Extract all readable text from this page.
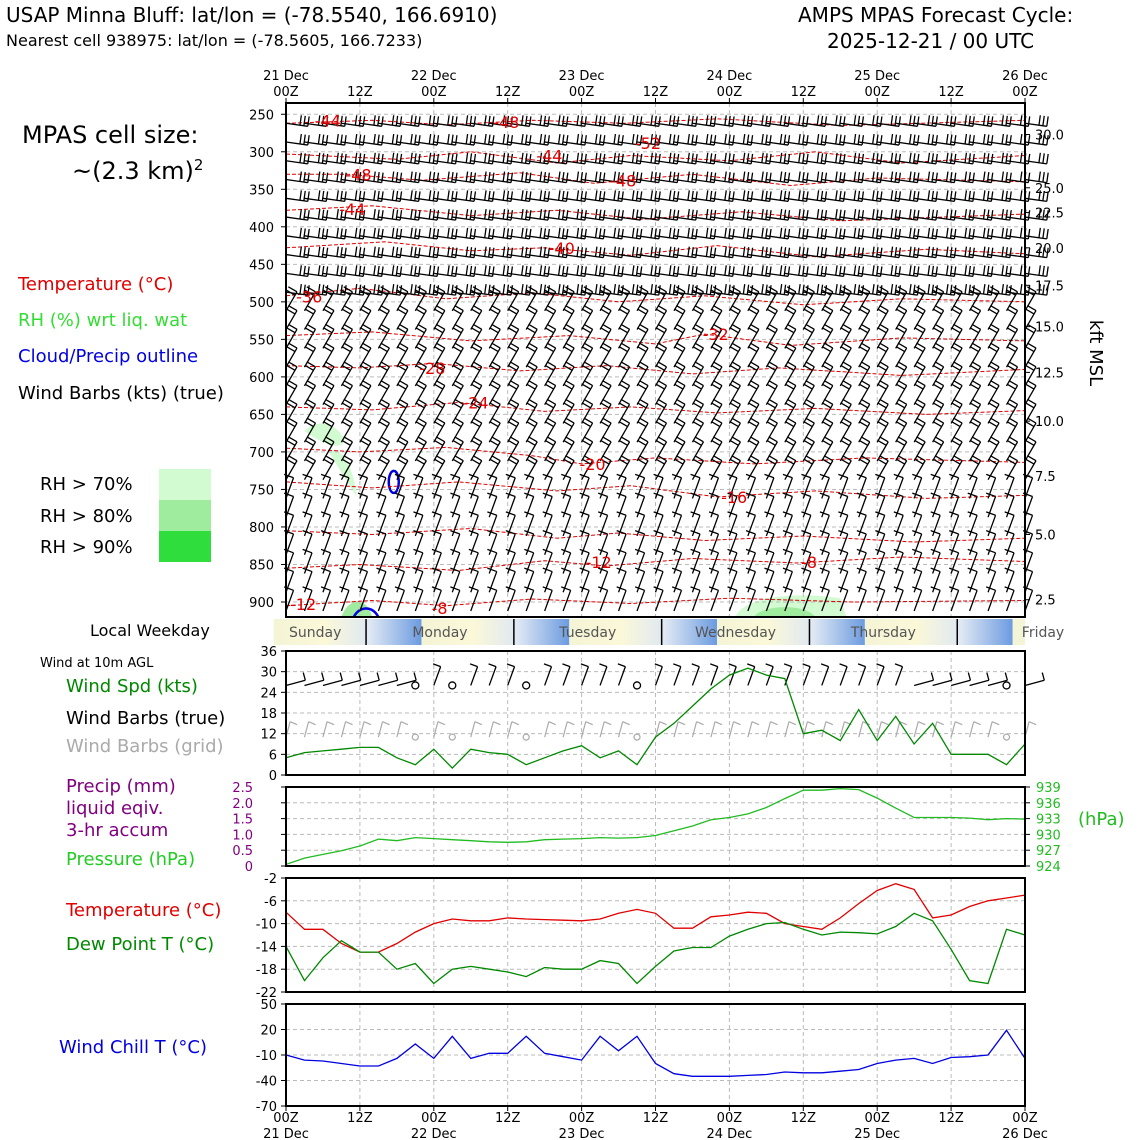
USAP Minna Bluff: lat/lon = (-78.5540, 166.6910)
Nearest cell 938975: lat/lon = (-78.5605, 166.7233)
AMPS MPAS Forecast Cycle:
2025-12-21 / 00 UTC
MPAS cell size:
~(2.3 km)$^2$
Temperature (°C)
RH (%) wrt liq. wat
Cloud/Precip outline
Wind Barbs (kts) (true)
RH > 70%
RH > 80%
RH > 90%
Local Weekday
Wind at 10m AGL
Wind Spd (kts)
Wind Barbs (true)
Wind Barbs (grid)
Precip (mm)
liquid eqiv.
3-hr accum
Pressure (hPa)
Temperature (°C)
Dew Point T (°C)
Wind Chill T (°C)
(hPa)
-44	-48
-48
-44
-40
-36
-44
-52
-48
-32
-28
-24
-20
-16
-12	-8
-12	-8
250
300
350
400
450
500
550
600
650
700
750
800
850
900
30.0
25.0
22.5
20.0
17.5
15.0
12.5
10.0
7.5
5.0
2.5
kft MSL
21 Dec
00Z	12Z
22 Dec
00Z	12Z
23 Dec
00Z	12Z
24 Dec
00Z	12Z
25 Dec
00Z	12Z
26 Dec
00Z
Sunday	Monday	Tuesday	Wednesday	Thursday	Friday
0
6
12
18
24
30
36
0
0.5
1.0
1.5
2.0
2.5
924
927
930
933
936
939
-22
-18
-14
-10
-6
-2
-70
-40
-10
20
50
00Z
21 Dec
12Z	00Z
22 Dec
12Z	00Z
23 Dec
12Z	00Z
24 Dec
12Z	00Z
25 Dec
12Z	00Z
26 Dec
